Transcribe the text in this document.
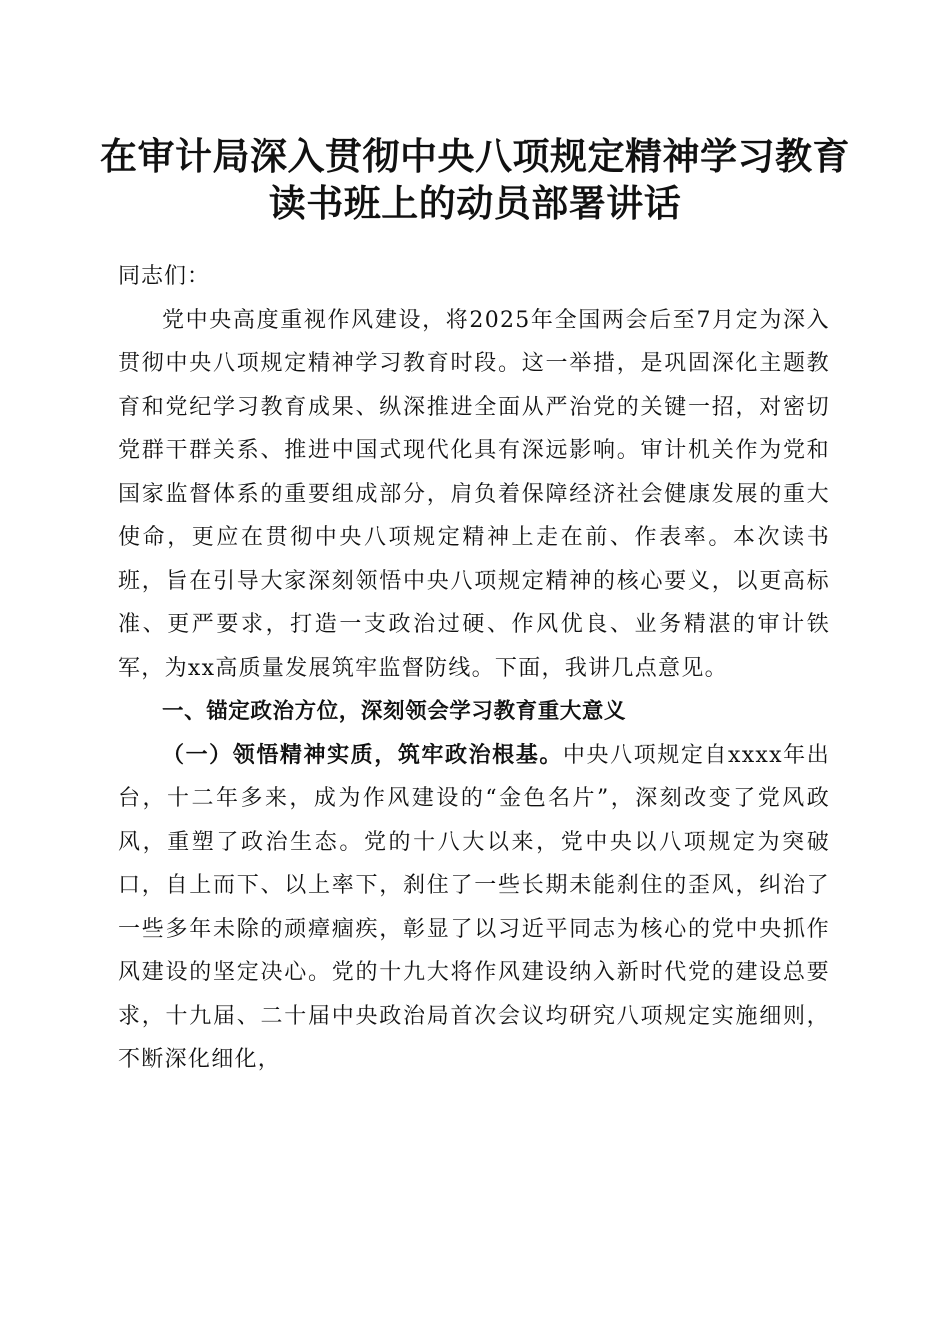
在审计局深入贯彻中央八项规定精神学习教育
读书班上的动员部署讲话

同志们：

党中央高度重视作风建设，将2025年全国两会后至7月定为深入贯彻中央八项规定精神学习教育时段。这一举措，是巩固深化主题教育和党纪学习教育成果、纵深推进全面从严治党的关键一招，对密切党群干群关系、推进中国式现代化具有深远影响。审计机关作为党和国家监督体系的重要组成部分，肩负着保障经济社会健康发展的重大使命，更应在贯彻中央八项规定精神上走在前、作表率。本次读书班，旨在引导大家深刻领悟中央八项规定精神的核心要义，以更高标准、更严要求，打造一支政治过硬、作风优良、业务精湛的审计铁军，为xx高质量发展筑牢监督防线。下面，我讲几点意见。

一、锚定政治方位，深刻领会学习教育重大意义

（一）领悟精神实质，筑牢政治根基。中央八项规定自xxxx年出台，十二年多来，成为作风建设的“金色名片”，深刻改变了党风政风，重塑了政治生态。党的十八大以来，党中央以八项规定为突破口，自上而下、以上率下，刹住了一些长期未能刹住的歪风，纠治了一些多年未除的顽瘴痼疾，彰显了以习近平同志为核心的党中央抓作风建设的坚定决心。党的十九大将作风建设纳入新时代党的建设总要求，十九届、二十届中央政治局首次会议均研究八项规定实施细则，不断深化细化，
